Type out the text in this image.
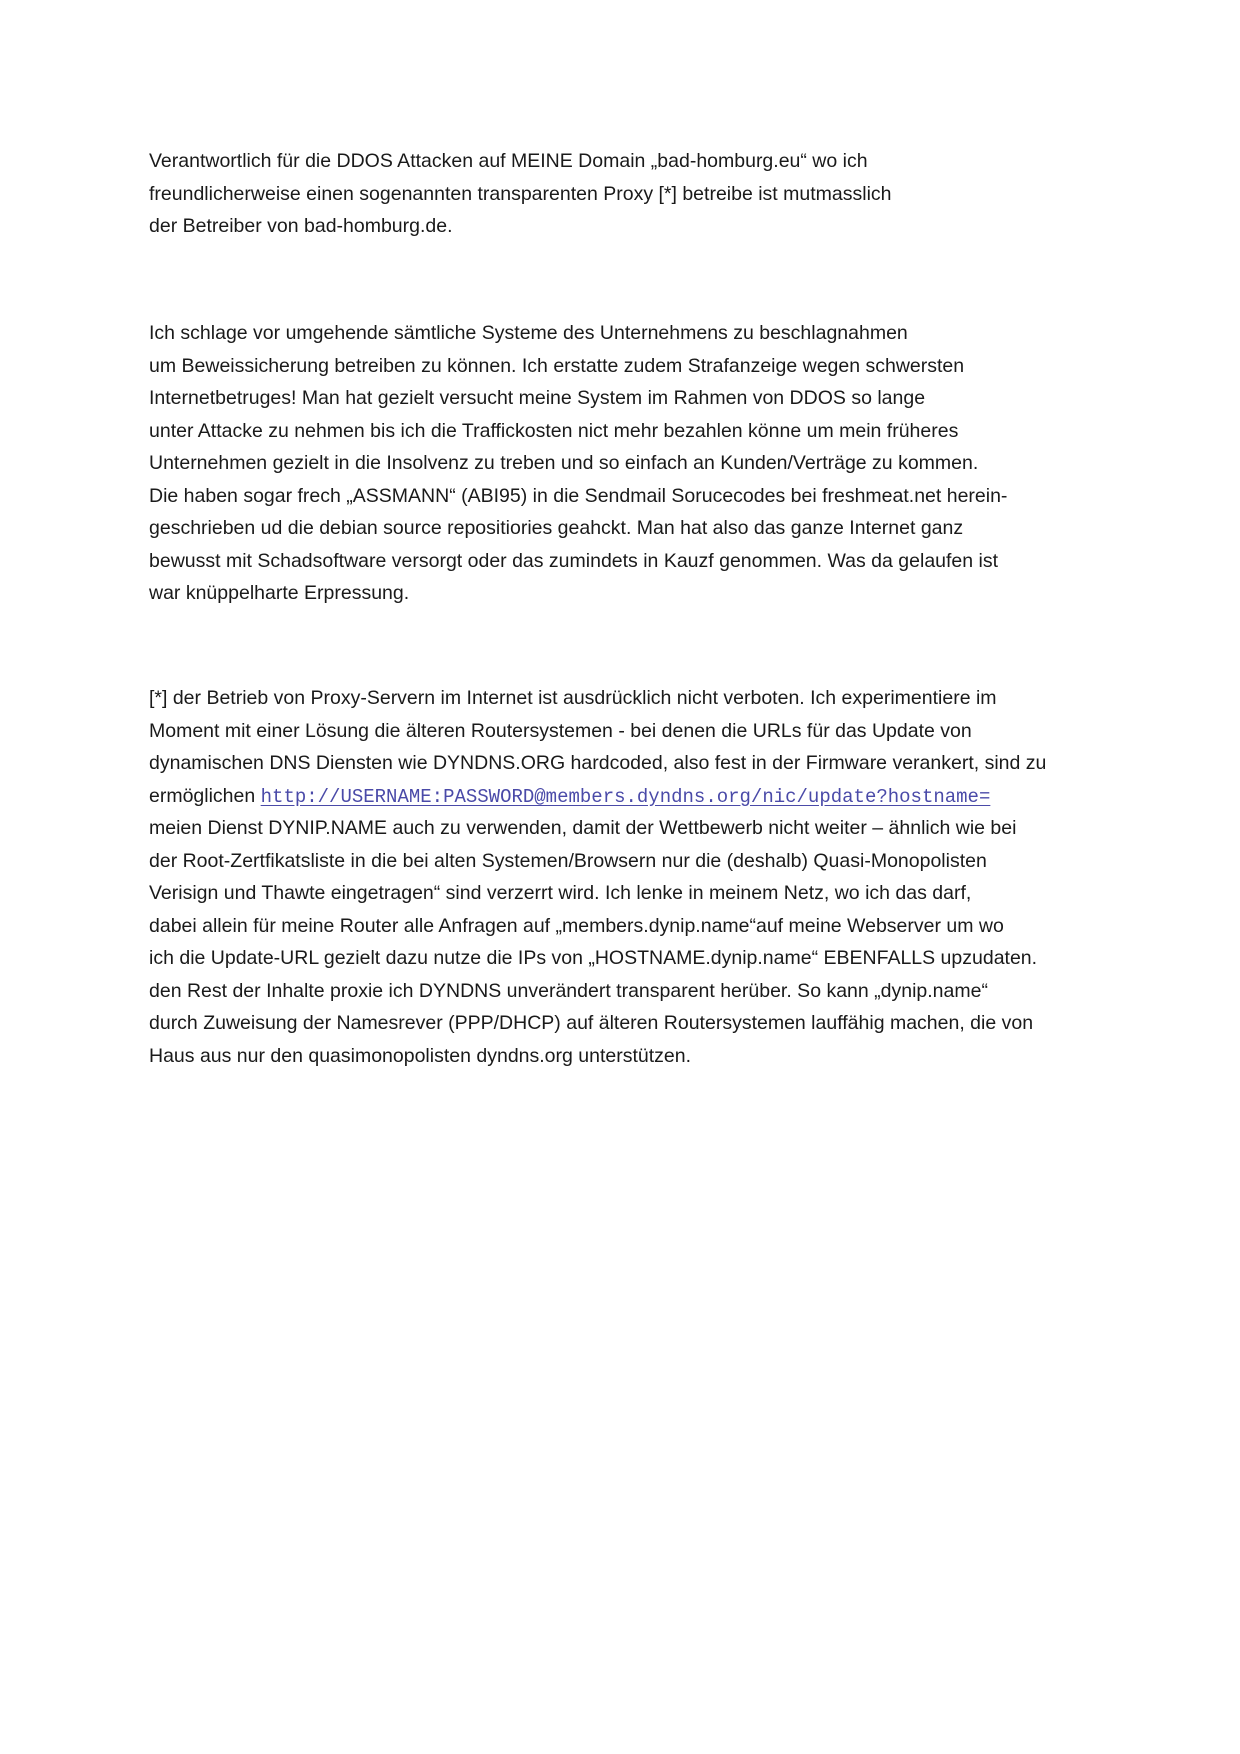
Verantwortlich für die DDOS Attacken auf MEINE Domain „bad-homburg.eu“ wo ich
freundlicherweise einen sogenannten transparenten Proxy [*] betreibe ist mutmasslich
der Betreiber von bad-homburg.de.
Ich schlage vor umgehende sämtliche Systeme des Unternehmens zu beschlagnahmen
um Beweissicherung betreiben zu können. Ich erstatte zudem Strafanzeige wegen schwersten
Internetbetruges! Man hat gezielt versucht meine System im Rahmen von DDOS so lange
unter Attacke zu nehmen bis ich die Traffickosten nict mehr bezahlen könne um mein früheres
Unternehmen gezielt in die Insolvenz zu treben und so einfach an Kunden/Verträge zu kommen.
Die haben sogar frech „ASSMANN“ (ABI95) in die Sendmail Sorucecodes bei freshmeat.net herein-
geschrieben ud die debian source repositiories geahckt. Man hat also das ganze Internet ganz
bewusst mit Schadsoftware versorgt oder das zumindets in Kauzf genommen. Was da gelaufen ist
war knüppelharte Erpressung.
[*] der Betrieb von Proxy-Servern im Internet ist ausdrücklich nicht verboten. Ich experimentiere im
Moment mit einer Lösung die älteren Routersystemen - bei denen die URLs für das Update von
dynamischen DNS Diensten wie DYNDNS.ORG hardcoded, also fest in der Firmware verankert, sind zu
ermöglichen http://USERNAME:PASSWORD@members.dyndns.org/nic/update?hostname=
meien Dienst DYNIP.NAME auch zu verwenden, damit der Wettbewerb nicht weiter – ähnlich wie bei
der Root-Zertfikatsliste in die bei alten Systemen/Browsern nur die (deshalb) Quasi-Monopolisten
Verisign und Thawte eingetragen“ sind verzerrt wird. Ich lenke in meinem Netz, wo ich das darf,
dabei allein für meine Router alle Anfragen auf „members.dynip.name“auf meine Webserver um wo
ich die Update-URL gezielt dazu nutze die IPs von „HOSTNAME.dynip.name“ EBENFALLS upzudaten.
den Rest der Inhalte proxie ich DYNDNS unverändert transparent herüber. So kann „dynip.name“
durch Zuweisung der Namesrever (PPP/DHCP) auf älteren Routersystemen lauffähig machen, die von
Haus aus nur den quasimonopolisten dyndns.org unterstützen.
